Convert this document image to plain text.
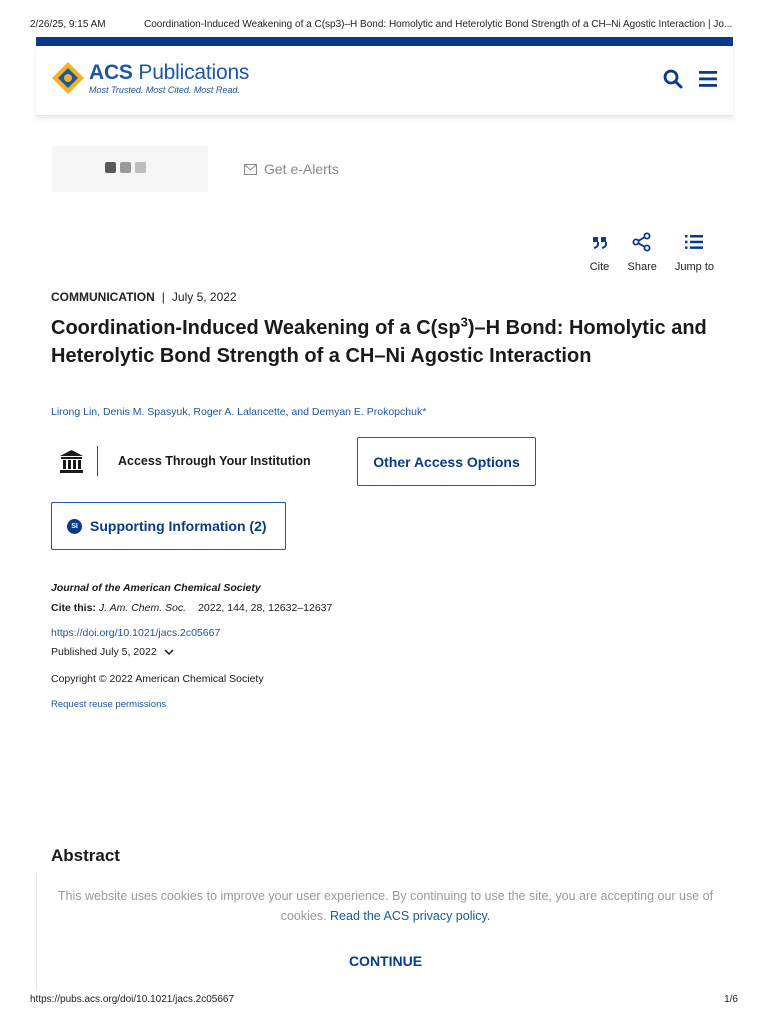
2/26/25, 9:15 AM	Coordination-Induced Weakening of a C(sp3)–H Bond: Homolytic and Heterolytic Bond Strength of a CH–Ni Agostic Interaction | Jo...
ACS Publications
Most Trusted. Most Cited. Most Read.
Get e-Alerts
Cite Share Jump to
COMMUNICATION | July 5, 2022
Coordination-Induced Weakening of a $C(sp^3)-H$ Bond: Homolytic and Heterolytic Bond Strength of a CH–Ni Agostic Interaction
Lirong Lin, Denis M. Spasyuk, Roger A. Lalancette, and Demyan E. Prokopchuk*
Access Through Your Institution	Other Access Options
SI Supporting Information (2)
Journal of the American Chemical Society
Cite this: J. Am. Chem. Soc. 2022, 144, 28, 12632–12637
https://doi.org/10.1021/jacs.2c05667
Published July 5, 2022
Copyright © 2022 American Chemical Society
Request reuse permissions
Abstract
This website uses cookies to improve your user experience. By continuing to use the site, you are accepting our use of cookies. Read the ACS privacy policy.
CONTINUE
https://pubs.acs.org/doi/10.1021/jacs.2c05667	1/6
